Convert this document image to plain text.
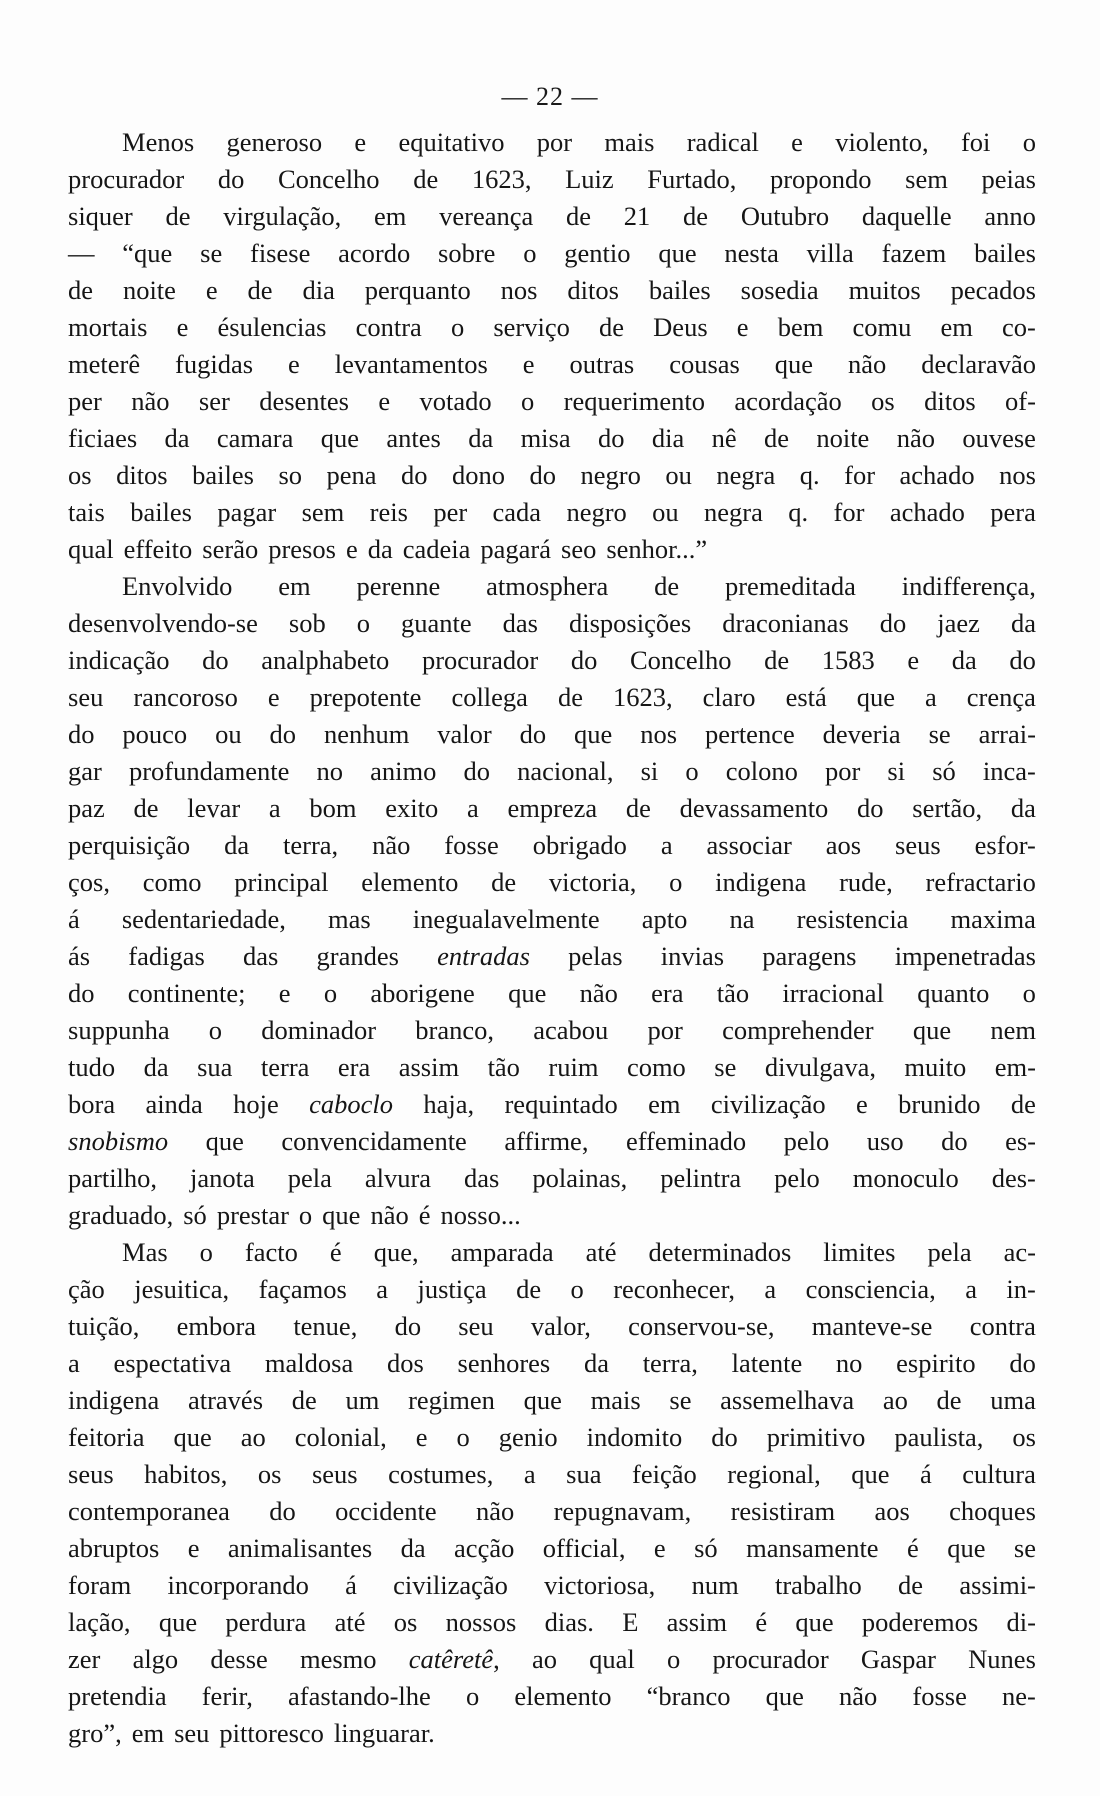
— 22 —
Menos generoso e equitativo por mais radical e violento, foi o
procurador do Concelho de 1623, Luiz Furtado, propondo sem peias
siquer de virgulação, em vereança de 21 de Outubro daquelle anno
— “que se fisese acordo sobre o gentio que nesta villa fazem bailes
de noite e de dia perquanto nos ditos bailes sosedia muitos pecados
mortais e ésulencias contra o serviço de Deus e bem comu em co-
meterê fugidas e levantamentos e outras cousas que não declaravão
per não ser desentes e votado o requerimento acordação os ditos of-
ficiaes da camara que antes da misa do dia nê de noite não ouvese
os ditos bailes so pena do dono do negro ou negra q. for achado nos
tais bailes pagar sem reis per cada negro ou negra q. for achado pera
qual effeito serão presos e da cadeia pagará seo senhor...”
Envolvido em perenne atmosphera de premeditada indifferença,
desenvolvendo-se sob o guante das disposições draconianas do jaez da
indicação do analphabeto procurador do Concelho de 1583 e da do
seu rancoroso e prepotente collega de 1623, claro está que a crença
do pouco ou do nenhum valor do que nos pertence deveria se arrai-
gar profundamente no animo do nacional, si o colono por si só inca-
paz de levar a bom exito a empreza de devassamento do sertão, da
perquisição da terra, não fosse obrigado a associar aos seus esfor-
ços, como principal elemento de victoria, o indigena rude, refractario
á sedentariedade, mas inegualavelmente apto na resistencia maxima
ás fadigas das grandes entradas pelas invias paragens impenetradas
do continente; e o aborigene que não era tão irracional quanto o
suppunha o dominador branco, acabou por comprehender que nem
tudo da sua terra era assim tão ruim como se divulgava, muito em-
bora ainda hoje caboclo haja, requintado em civilização e brunido de
snobismo que convencidamente affirme, effeminado pelo uso do es-
partilho, janota pela alvura das polainas, pelintra pelo monoculo des-
graduado, só prestar o que não é nosso...
Mas o facto é que, amparada até determinados limites pela ac-
ção jesuitica, façamos a justiça de o reconhecer, a consciencia, a in-
tuição, embora tenue, do seu valor, conservou-se, manteve-se contra
a espectativa maldosa dos senhores da terra, latente no espirito do
indigena através de um regimen que mais se assemelhava ao de uma
feitoria que ao colonial, e o genio indomito do primitivo paulista, os
seus habitos, os seus costumes, a sua feição regional, que á cultura
contemporanea do occidente não repugnavam, resistiram aos choques
abruptos e animalisantes da acção official, e só mansamente é que se
foram incorporando á civilização victoriosa, num trabalho de assimi-
lação, que perdura até os nossos dias. E assim é que poderemos di-
zer algo desse mesmo catêretê, ao qual o procurador Gaspar Nunes
pretendia ferir, afastando-lhe o elemento “branco que não fosse ne-
gro”, em seu pittoresco linguarar.
